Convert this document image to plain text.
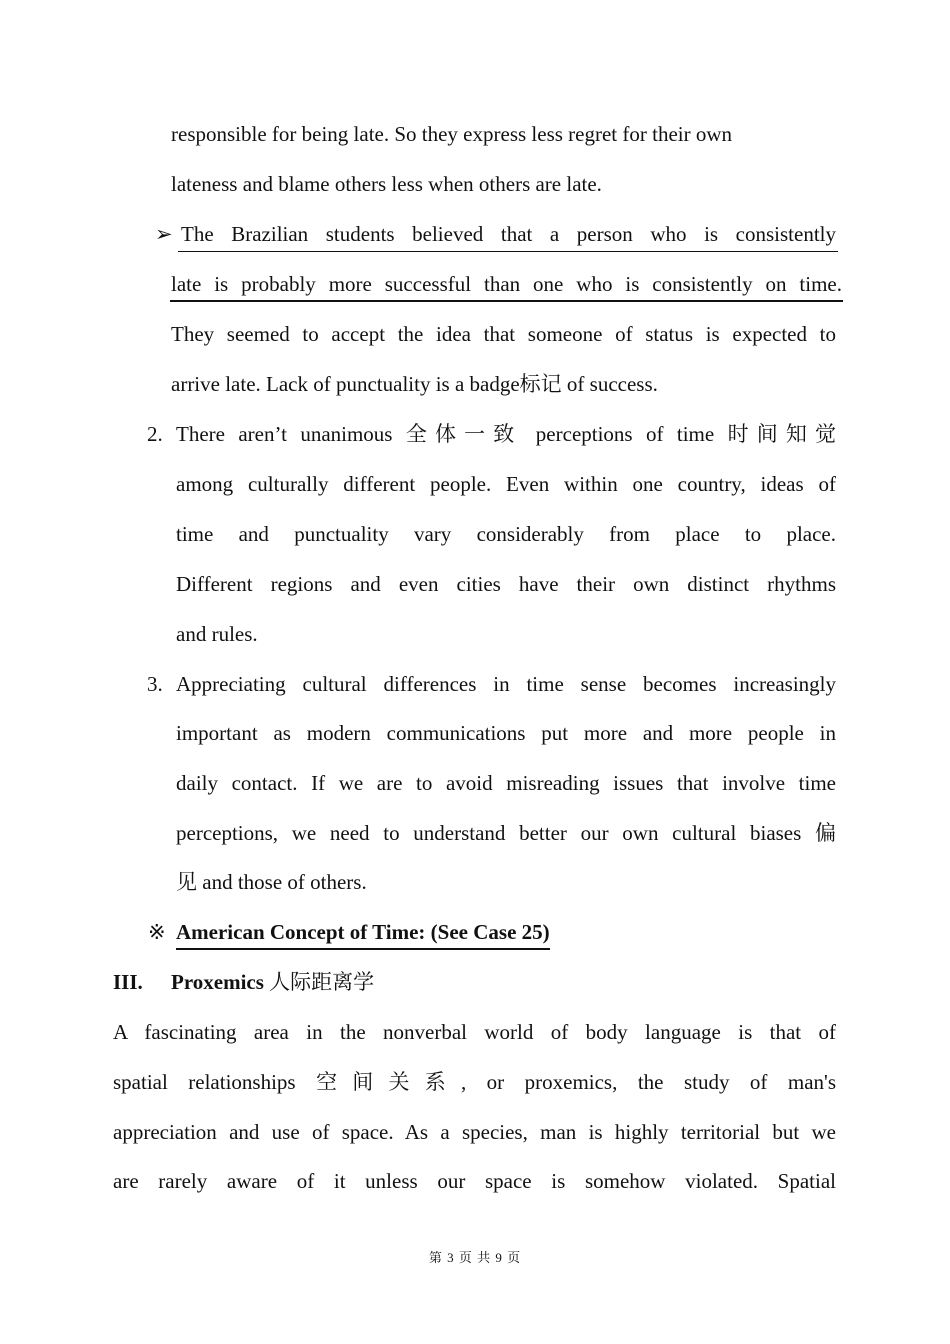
responsible for being late. So they express less regret for their own
lateness and blame others less when others are late.
➢ The Brazilian students believed that a person who is consistently
late is probably more successful than one who is consistently on time.
They seemed to accept the idea that someone of status is expected to
arrive late. Lack of punctuality is a badge标记 of success.
2. There aren’t unanimous 全体一致 perceptions of time 时间知觉
among culturally different people. Even within one country, ideas of
time and punctuality vary considerably from place to place.
Different regions and even cities have their own distinct rhythms
and rules.
3. Appreciating cultural differences in time sense becomes increasingly
important as modern communications put more and more people in
daily contact. If we are to avoid misreading issues that involve time
perceptions, we need to understand better our own cultural biases 偏
见 and those of others.
※ American Concept of Time: (See Case 25)
III. Proxemics 人际距离学
A fascinating area in the nonverbal world of body language is that of
spatial relationships 空间关系, or proxemics, the study of man's
appreciation and use of space. As a species, man is highly territorial but we
are rarely aware of it unless our space is somehow violated. Spatial
第 3 页 共 9 页
